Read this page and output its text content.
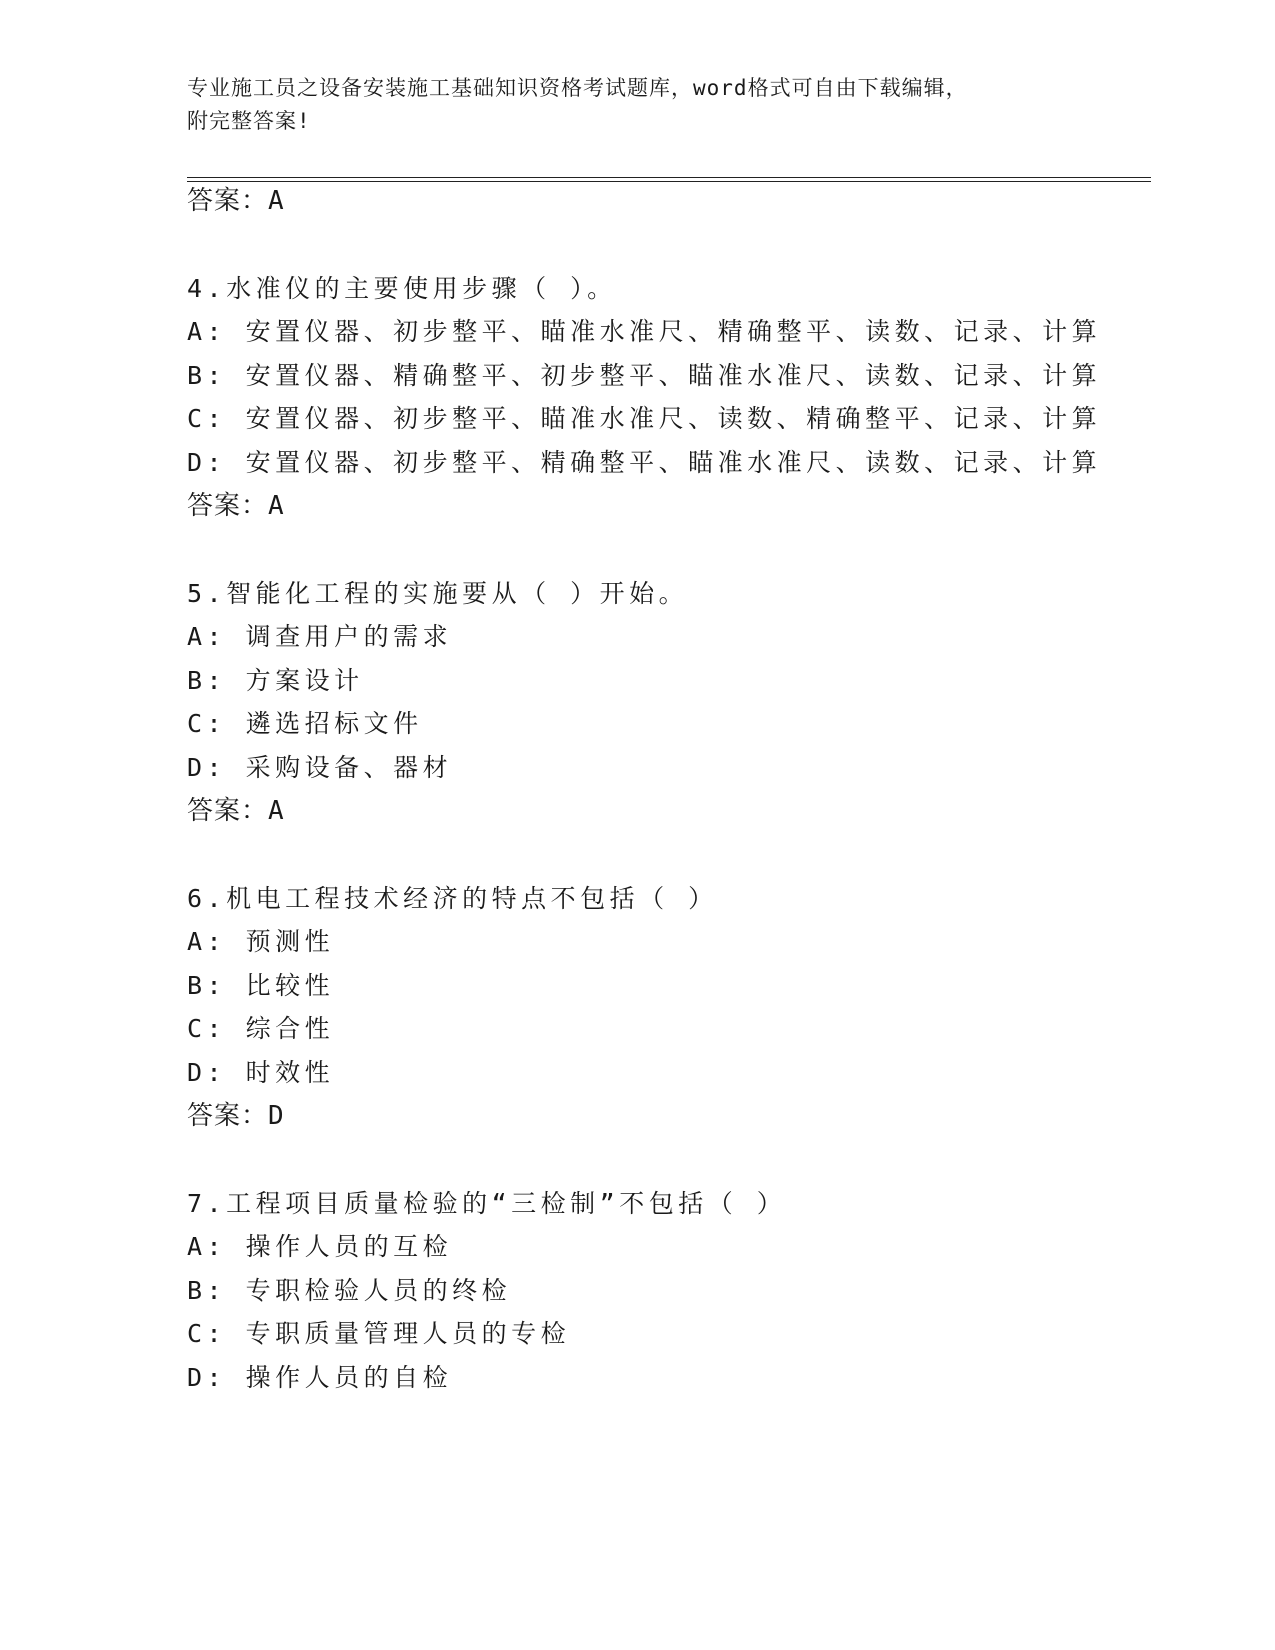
专业施工员之设备安装施工基础知识资格考试题库，word格式可自由下载编辑，
附完整答案!
答案：A
4.水准仪的主要使用步骤（ ）。
A: 安置仪器、初步整平、瞄准水准尺、精确整平、读数、记录、计算
B: 安置仪器、精确整平、初步整平、瞄准水准尺、读数、记录、计算
C: 安置仪器、初步整平、瞄准水准尺、读数、精确整平、记录、计算
D: 安置仪器、初步整平、精确整平、瞄准水准尺、读数、记录、计算
答案：A
5.智能化工程的实施要从（ ）开始。
A: 调查用户的需求
B: 方案设计
C: 遴选招标文件
D: 采购设备、器材
答案：A
6.机电工程技术经济的特点不包括（ ）
A: 预测性
B: 比较性
C: 综合性
D: 时效性
答案：D
7.工程项目质量检验的“三检制”不包括（ ）
A: 操作人员的互检
B: 专职检验人员的终检
C: 专职质量管理人员的专检
D: 操作人员的自检
